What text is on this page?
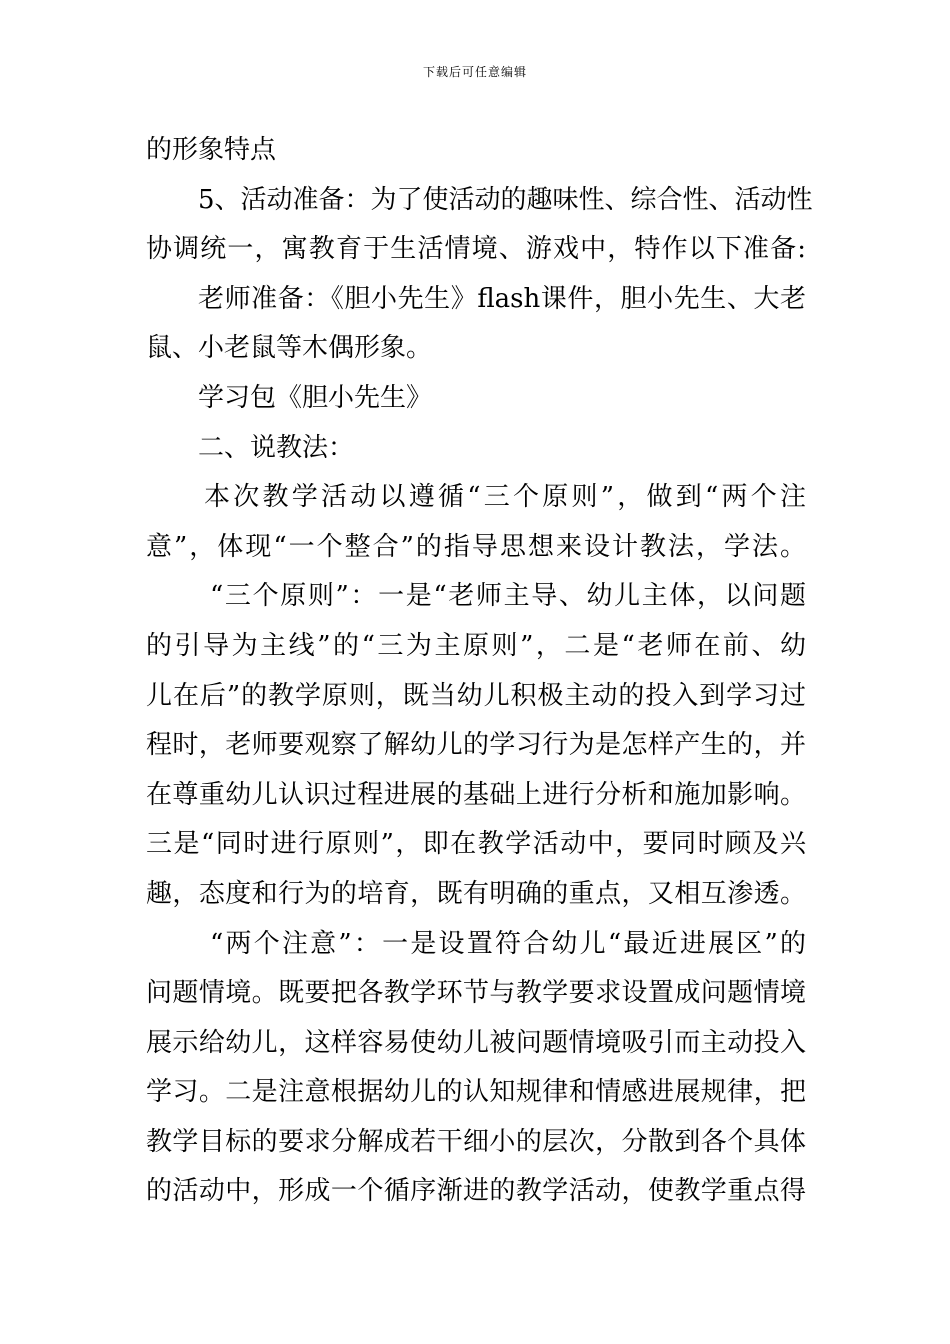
下载后可任意编辑
的形象特点
5、活动准备：为了使活动的趣味性、综合性、活动性
协调统一，寓教育于生活情境、游戏中，特作以下准备:
老师准备：《胆小先生》flash课件，胆小先生、大老
鼠、小老鼠等木偶形象。
学习包《胆小先生》
二、说教法：
本次教学活动以遵循“三个原则”，做到“两个注
意”，体现“一个整合”的指导思想来设计教法，学法。
“三个原则”：一是“老师主导、幼儿主体，以问题
的引导为主线”的“三为主原则”，二是“老师在前、幼
儿在后”的教学原则，既当幼儿积极主动的投入到学习过
程时，老师要观察了解幼儿的学习行为是怎样产生的，并
在尊重幼儿认识过程进展的基础上进行分析和施加影响。
三是“同时进行原则”，即在教学活动中，要同时顾及兴
趣，态度和行为的培育，既有明确的重点，又相互渗透。
“两个注意”：一是设置符合幼儿“最近进展区”的
问题情境。既要把各教学环节与教学要求设置成问题情境
展示给幼儿，这样容易使幼儿被问题情境吸引而主动投入
学习。二是注意根据幼儿的认知规律和情感进展规律，把
教学目标的要求分解成若干细小的层次，分散到各个具体
的活动中，形成一个循序渐进的教学活动，使教学重点得
